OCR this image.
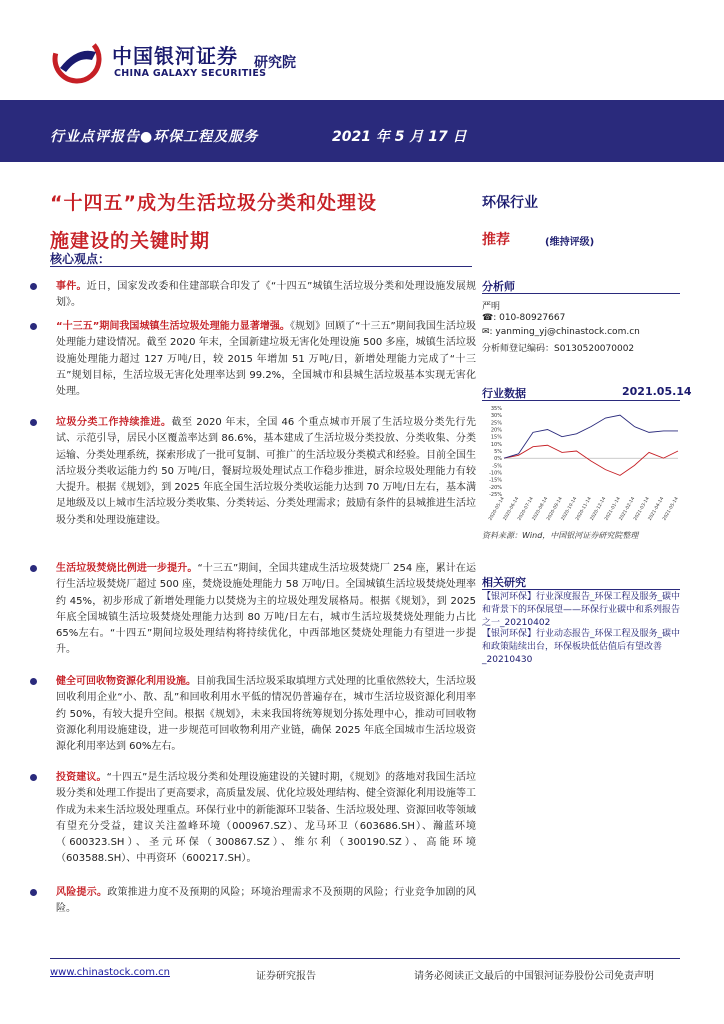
中国银河证券
CHINA GALAXY SECURITIES
研究院
行业点评报告●环保工程及服务	2021 年 5 月 17 日
“十四五”成为生活垃圾分类和处理设
施建设的关键时期
核心观点：
事件。近日，国家发改委和住建部联合印发了《“十四五”城镇生活垃圾分类和处理设施发展规划》。
“十三五”期间我国城镇生活垃圾处理能力显著增强。《规划》回顾了“十三五”期间我国生活垃圾处理能力建设情况。截至 2020 年末，全国新建垃圾无害化处理设施 500 多座，城镇生活垃圾设施处理能力超过 127 万吨/日，较 2015 年增加 51 万吨/日，新增处理能力完成了“十三五”规划目标，生活垃圾无害化处理率达到 99.2%，全国城市和县城生活垃圾基本实现无害化处理。
垃圾分类工作持续推进。截至 2020 年末，全国 46 个重点城市开展了生活垃圾分类先行先试、示范引导，居民小区覆盖率达到 86.6%，基本建成了生活垃圾分类投放、分类收集、分类运输、分类处理系统，探索形成了一批可复制、可推广的生活垃圾分类模式和经验。目前全国生活垃圾分类收运能力约 50 万吨/日，餐厨垃圾处理试点工作稳步推进，厨余垃圾处理能力有较大提升。根据《规划》，到 2025 年底全国生活垃圾分类收运能力达到 70 万吨/日左右，基本满足地级及以上城市生活垃圾分类收集、分类转运、分类处理需求；鼓励有条件的县城推进生活垃圾分类和处理设施建设。
生活垃圾焚烧比例进一步提升。“十三五”期间，全国共建成生活垃圾焚烧厂 254 座，累计在运行生活垃圾焚烧厂超过 500 座，焚烧设施处理能力 58 万吨/日。全国城镇生活垃圾焚烧处理率约 45%，初步形成了新增处理能力以焚烧为主的垃圾处理发展格局。根据《规划》，到 2025 年底全国城镇生活垃圾焚烧处理能力达到 80 万吨/日左右，城市生活垃圾焚烧处理能力占比 65%左右。“十四五”期间垃圾处理结构将持续优化，中西部地区焚烧处理能力有望进一步提升。
健全可回收物资源化利用设施。目前我国生活垃圾采取填埋方式处理的比重依然较大，生活垃圾回收利用企业“小、散、乱”和回收利用水平低的情况仍普遍存在，城市生活垃圾资源化利用率约 50%，有较大提升空间。根据《规划》，未来我国将统筹规划分拣处理中心，推动可回收物资源化利用设施建设，进一步规范可回收物利用产业链，确保 2025 年底全国城市生活垃圾资源化利用率达到 60%左右。
投资建议。“十四五”是生活垃圾分类和处理设施建设的关键时期，《规划》的落地对我国生活垃圾分类和处理工作提出了更高要求，高质量发展、优化垃圾处理结构、健全资源化利用设施等工作成为未来生活垃圾处理重点。环保行业中的新能源环卫装备、生活垃圾处理、资源回收等领域有望充分受益，建议关注盈峰环境（000967.SZ）、龙马环卫（603686.SH）、瀚蓝环境（600323.SH）、圣元环保（300867.SZ）、维尔利（300190.SZ）、高能环境（603588.SH）、中再资环（600217.SH）。
风险提示。政策推进力度不及预期的风险；环境治理需求不及预期的风险；行业竞争加剧的风险。
环保行业
推荐	(维持评级)
分析师
严明
☎: 010-80927667
✉: yanming_yj@chinastock.com.cn
分析师登记编码：S0130520070002
行业数据	2021.05.14
35%
30%
25%
20%
15%
10%
5%
0%
-5%
-10%
-15%
-20%
-25%
2020-05-14
2020-06-14
2020-07-14
2020-08-14
2020-09-14
2020-10-14
2020-11-14
2020-12-14
2021-01-14
2021-02-14
2021-03-14
2021-04-14
2021-05-14
资料来源：Wind，中国银河证券研究院整理
相关研究
【银河环保】行业深度报告_环保工程及服务_碳中和背景下的环保展望——环保行业碳中和系列报告之一_20210402
【银河环保】行业动态报告_环保工程及服务_碳中和政策陆续出台，环保板块低估值后有望改善_20210430
www.chinastock.com.cn	证券研究报告	请务必阅读正文最后的中国银河证券股份公司免责声明
